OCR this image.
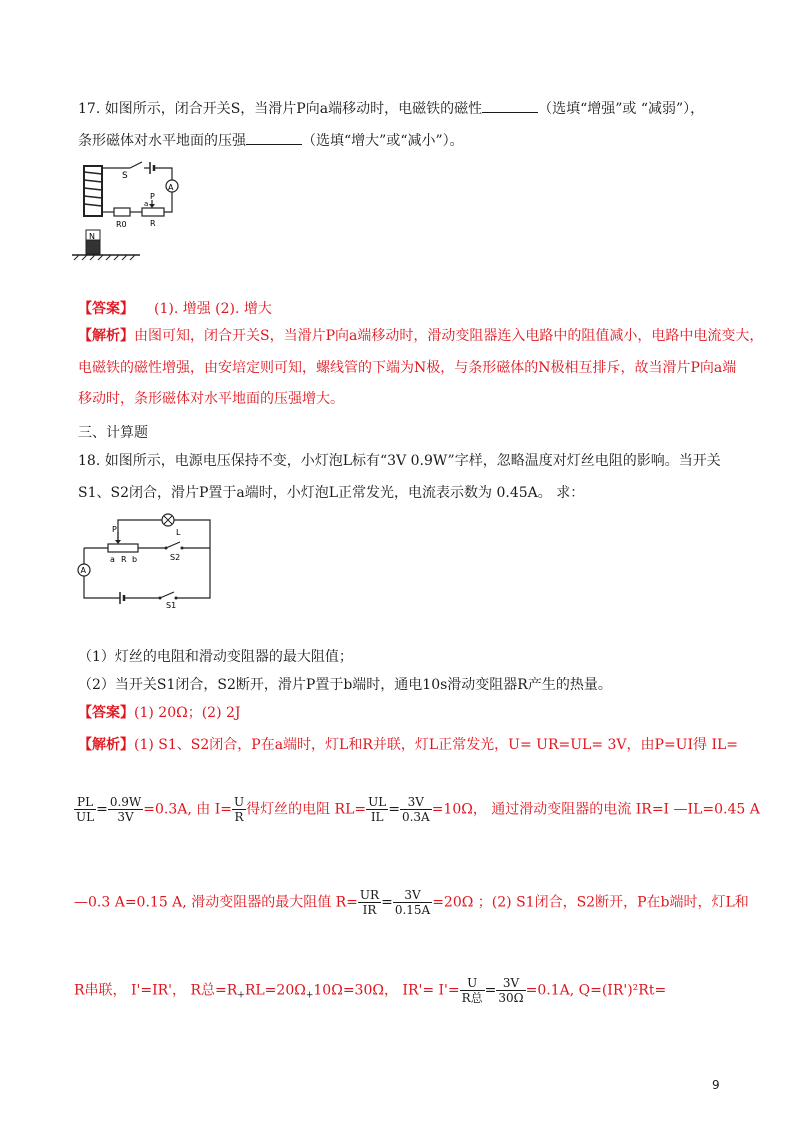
17. 如图所示，闭合开关S，当滑片P向a端移动时，电磁铁的磁性	（选填“增强”或 “减弱”），
条形磁体对水平地面的压强	（选填“增大”或“减小”）。
S
A
P
a
R0	R
N
【答案】 (1). 增强 (2). 增大
【解析】由图可知，闭合开关S，当滑片P向a端移动时，滑动变阻器连入电路中的阻值减小，电路中电流变大，
电磁铁的磁性增强，由安培定则可知，螺线管的下端为N极，与条形磁体的N极相互排斥，故当滑片P向a端
移动时，条形磁体对水平地面的压强增大。
三、计算题
18. 如图所示，电源电压保持不变，小灯泡L标有“3V 0.9W”字样，忽略温度对灯丝电阻的影响。当开关
S1、S2闭合，滑片P置于a端时，小灯泡L正常发光，电流表示数为 0.45A。 求：
P	L
a R b	S2
A
S1
（1）灯丝的电阻和滑动变阻器的最大阻值；
（2）当开关S1闭合，S2断开，滑片P置于b端时，通电10s滑动变阻器R产生的热量。
【答案】(1) 20Ω；(2) 2J
【解析】(1) S1、S2闭合，P在a端时，灯L和R并联，灯L正常发光，U= UR=UL= 3V，由P=UI得 IL=
$\frac{PL}{UL} = \frac{0.9W}{3V} =0.3A$, 由 $I= \frac{U}{R}$ 得灯丝的电阻 $RL= \frac{UL}{IL} = \frac{3V}{0.3A} =10\Omega$， 通过滑动变阻器的电流 IR=I —IL=0.45 A
—0.3 A=0.15 A, 滑动变阻器的最大阻值 $R= \frac{UR}{IR} = \frac{3V}{0.15A} =20\Omega$ ；(2) S1闭合，S2断开，P在b端时，灯L和
R串联， I'=IR'， R总$=R_+RL=20\Omega_+10\Omega=30\Omega$， $IR'= I'= \frac{U}{\text{R总}} = \frac{3V}{30\Omega} =0.1A$, Q=(IR')²Rt=
9
